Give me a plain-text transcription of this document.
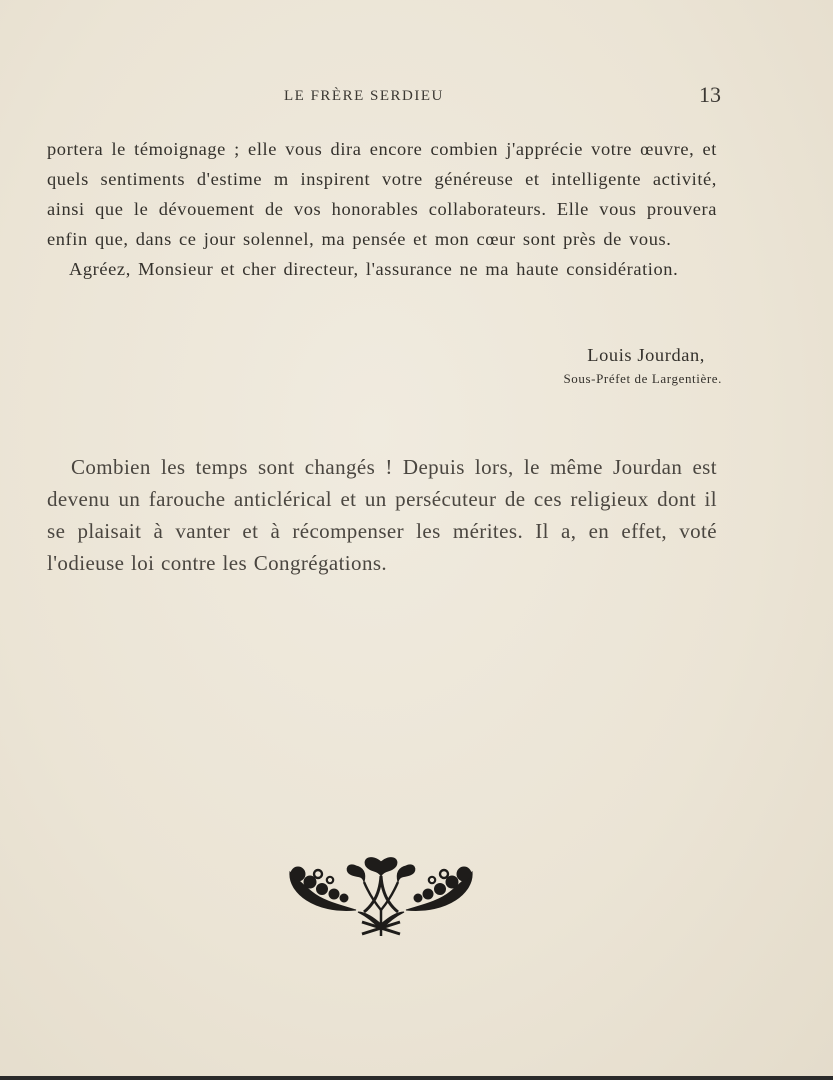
LE FRÈRE SERDIEU	13

portera le témoignage ; elle vous dira encore combien j'apprécie votre œuvre, et quels sentiments d'estime m inspirent votre généreuse et intelligente activité, ainsi que le dévouement de vos honorables collaborateurs. Elle vous prouvera enfin que, dans ce jour solennel, ma pensée et mon cœur sont près de vous.

Agréez, Monsieur et cher directeur, l'assurance ne ma haute considération.

Louis Jourdan,
Sous-Préfet de Largentière.

Combien les temps sont changés ! Depuis lors, le même Jourdan est devenu un farouche anticlérical et un persécuteur de ces religieux dont il se plaisait à vanter et à récompenser les mérites. Il a, en effet, voté l'odieuse loi contre les Congrégations.
